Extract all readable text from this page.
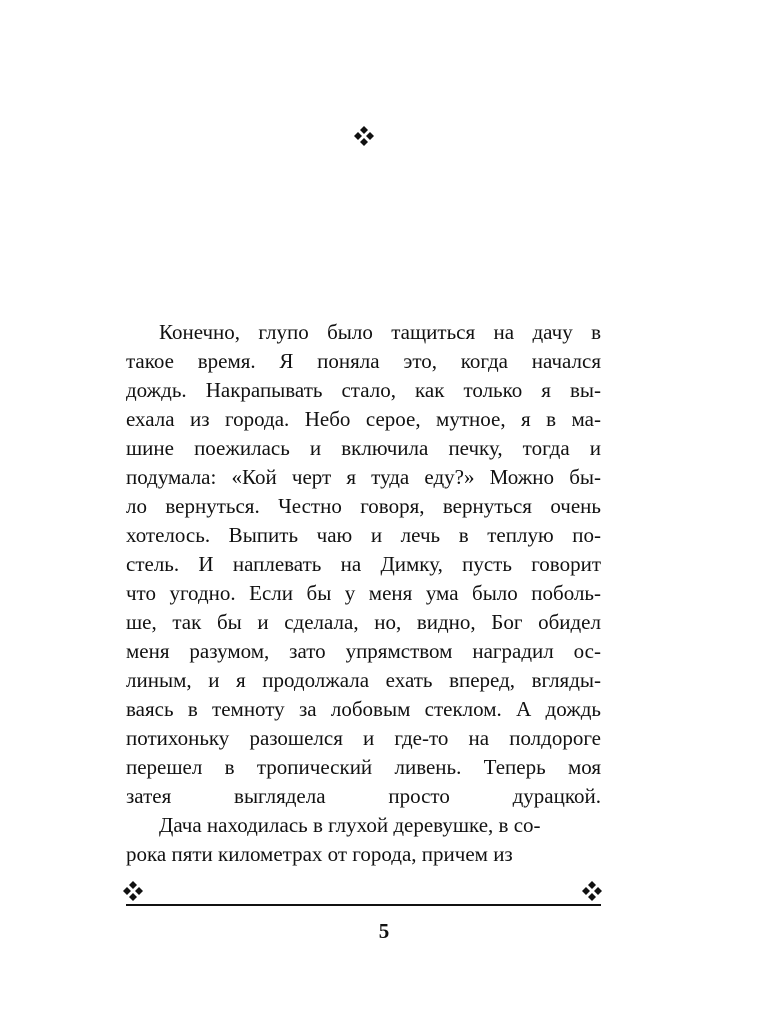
Конечно, глупо было тащиться на дачу в
такое время. Я поняла это, когда начался
дождь. Накрапывать стало, как только я вы-
ехала из города. Небо серое, мутное, я в ма-
шине поежилась и включила печку, тогда и
подумала: «Кой черт я туда еду?» Можно бы-
ло вернуться. Честно говоря, вернуться очень
хотелось. Выпить чаю и лечь в теплую по-
стель. И наплевать на Димку, пусть говорит
что угодно. Если бы у меня ума было поболь-
ше, так бы и сделала, но, видно, Бог обидел
меня разумом, зато упрямством наградил ос-
линым, и я продолжала ехать вперед, вгляды-
ваясь в темноту за лобовым стеклом. А дождь
потихоньку разошелся и где-то на полдороге
перешел в тропический ливень. Теперь моя
затея выглядела просто дурацкой.

Дача находилась в глухой деревушке, в со-
рока пяти километрах от города, причем из

5
